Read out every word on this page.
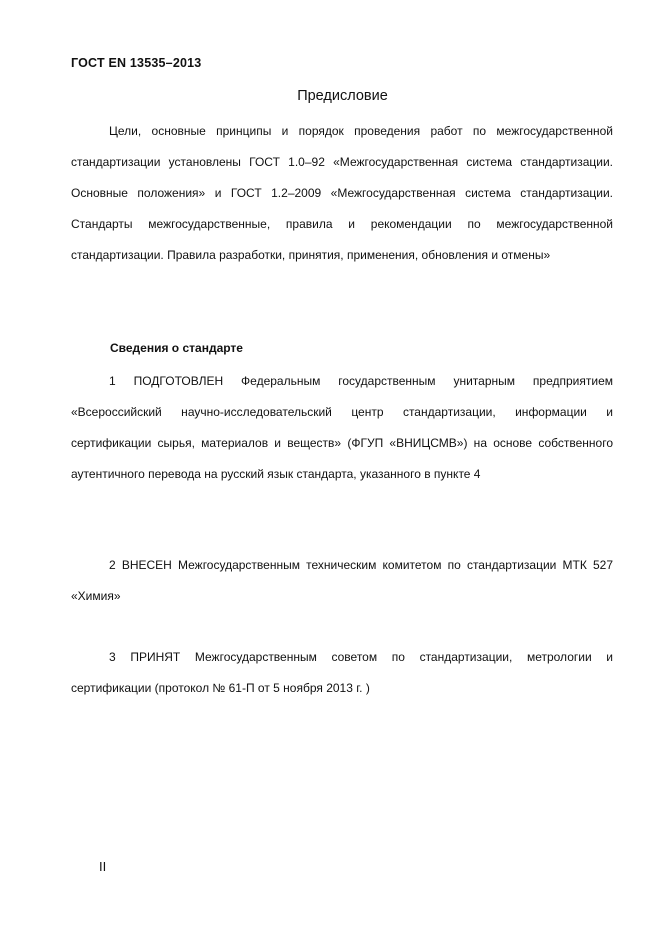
ГОСТ EN 13535–2013
Предисловие

Цели, основные принципы и порядок проведения работ по межгосударственной стандартизации установлены ГОСТ 1.0–92 «Межгосударственная система стандартизации. Основные положения» и ГОСТ 1.2–2009 «Межгосударственная система стандартизации. Стандарты межгосударственные, правила и рекомендации по межгосударственной стандартизации. Правила разработки, принятия, применения, обновления и отмены»

Сведения о стандарте

1 ПОДГОТОВЛЕН Федеральным государственным унитарным предприятием «Всероссийский научно-исследовательский центр стандартизации, информации и сертификации сырья, материалов и веществ» (ФГУП «ВНИЦСМВ») на основе собственного аутентичного перевода на русский язык стандарта, указанного в пункте 4

2 ВНЕСЕН Межгосударственным техническим комитетом по стандартизации МТК 527 «Химия»

3 ПРИНЯТ Межгосударственным советом по стандартизации, метрологии и сертификации (протокол № 61-П от 5 ноября 2013 г. )

II
